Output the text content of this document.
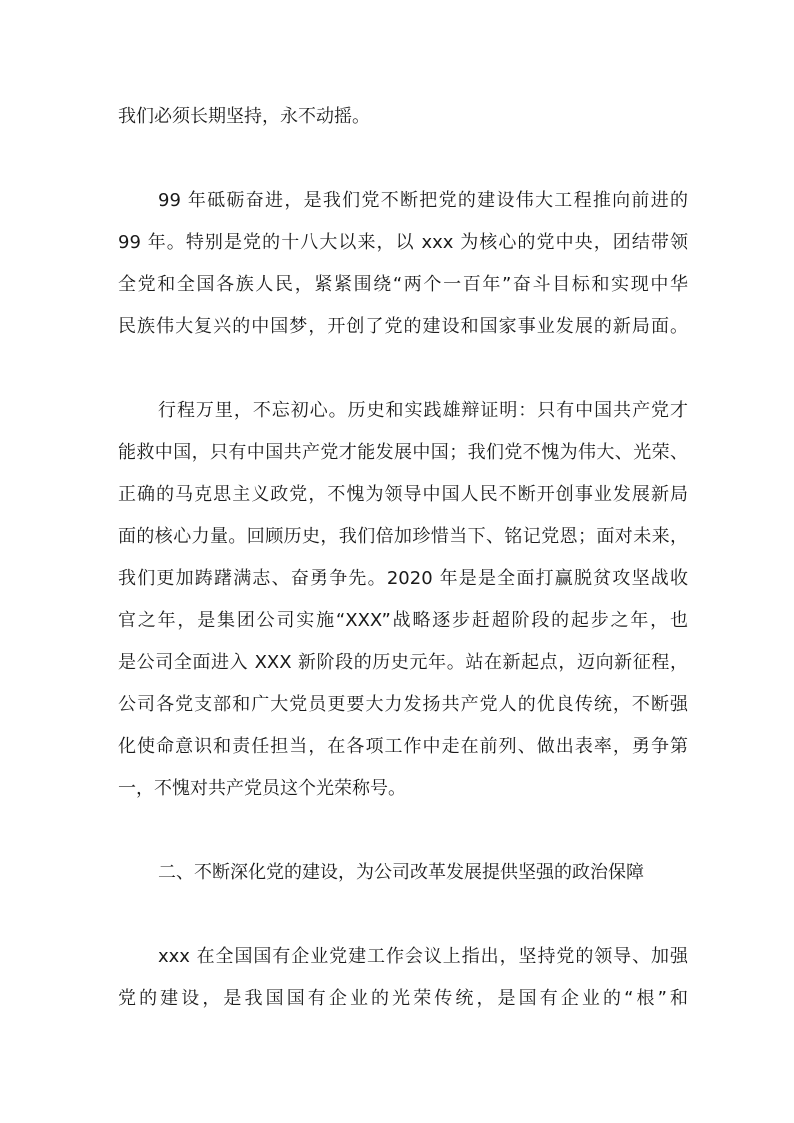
我们必须长期坚持，永不动摇。
99 年砥砺奋进，是我们党不断把党的建设伟大工程推向前进的
99 年。特别是党的十八大以来，以 xxx 为核心的党中央，团结带领
全党和全国各族人民，紧紧围绕“两个一百年”奋斗目标和实现中华
民族伟大复兴的中国梦，开创了党的建设和国家事业发展的新局面。
行程万里，不忘初心。历史和实践雄辩证明：只有中国共产党才
能救中国，只有中国共产党才能发展中国；我们党不愧为伟大、光荣、
正确的马克思主义政党，不愧为领导中国人民不断开创事业发展新局
面的核心力量。回顾历史，我们倍加珍惜当下、铭记党恩；面对未来，
我们更加踌躇满志、奋勇争先。2020 年是是全面打赢脱贫攻坚战收
官之年，是集团公司实施“XXX”战略逐步赶超阶段的起步之年，也
是公司全面进入 XXX 新阶段的历史元年。站在新起点，迈向新征程，
公司各党支部和广大党员更要大力发扬共产党人的优良传统，不断强
化使命意识和责任担当，在各项工作中走在前列、做出表率，勇争第
一，不愧对共产党员这个光荣称号。
二、不断深化党的建设，为公司改革发展提供坚强的政治保障
xxx 在全国国有企业党建工作会议上指出，坚持党的领导、加强
党的建设，是我国国有企业的光荣传统，是国有企业的“根”和
